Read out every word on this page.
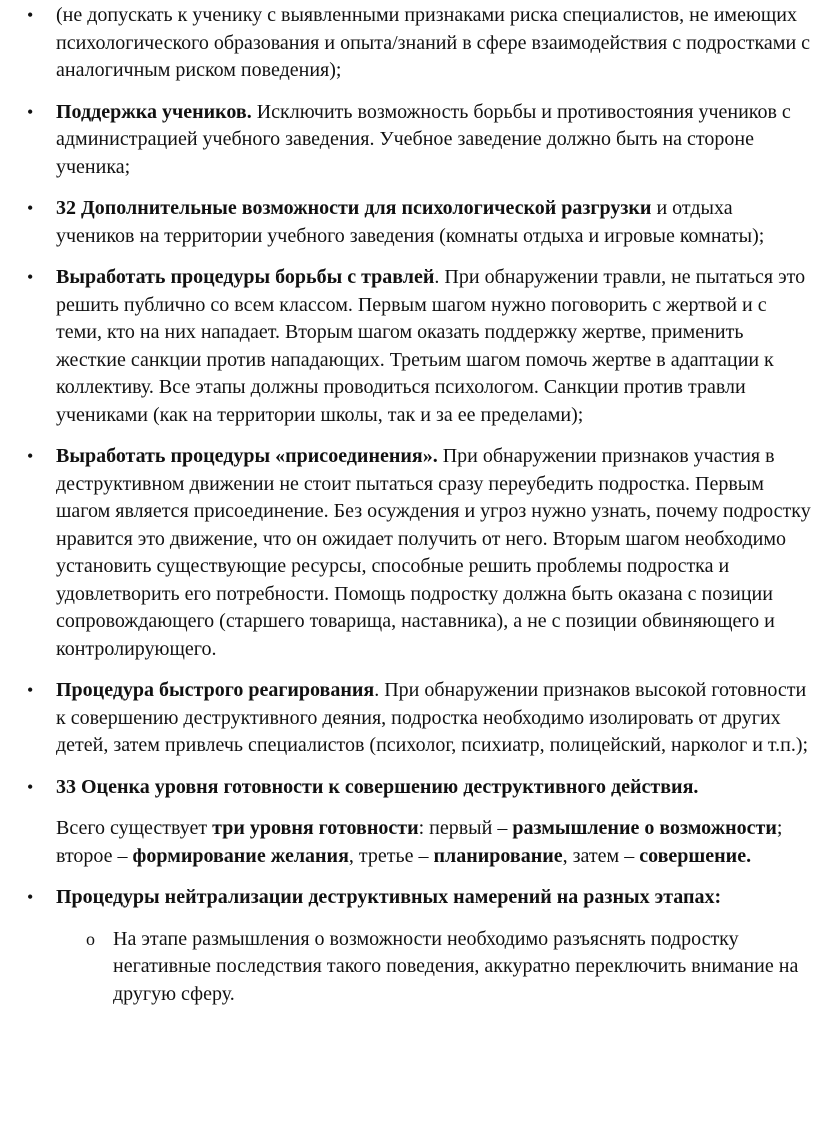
• (не допускать к ученику с выявленными признаками риска специалистов, не имеющих психологического образования и опыта/знаний в сфере взаимодействия с подростками с аналогичным риском поведения);
• Поддержка учеников. Исключить возможность борьбы и противостояния учеников с администрацией учебного заведения. Учебное заведение должно быть на стороне ученика;
• 32 Дополнительные возможности для психологической разгрузки и отдыха учеников на территории учебного заведения (комнаты отдыха и игровые комнаты);
• Выработать процедуры борьбы с травлей. При обнаружении травли, не пытаться это решить публично со всем классом. Первым шагом нужно поговорить с жертвой и с теми, кто на них нападает. Вторым шагом оказать поддержку жертве, применить жесткие санкции против нападающих. Третьим шагом помочь жертве в адаптации к коллективу. Все этапы должны проводиться психологом. Санкции против травли учениками (как на территории школы, так и за ее пределами);
• Выработать процедуры «присоединения». При обнаружении признаков участия в деструктивном движении не стоит пытаться сразу переубедить подростка. Первым шагом является присоединение. Без осуждения и угроз нужно узнать, почему подростку нравится это движение, что он ожидает получить от него. Вторым шагом необходимо установить существующие ресурсы, способные решить проблемы подростка и удовлетворить его потребности. Помощь подростку должна быть оказана с позиции сопровождающего (старшего товарища, наставника), а не с позиции обвиняющего и контролирующего.
• Процедура быстрого реагирования. При обнаружении признаков высокой готовности к совершению деструктивного деяния, подростка необходимо изолировать от других детей, затем привлечь специалистов (психолог, психиатр, полицейский, нарколог и т.п.);
• 33 Оценка уровня готовности к совершению деструктивного действия.
Всего существует три уровня готовности: первый – размышление о возможности; второе – формирование желания, третье – планирование, затем – совершение.
• Процедуры нейтрализации деструктивных намерений на разных этапах:
o На этапе размышления о возможности необходимо разъяснять подростку негативные последствия такого поведения, аккуратно переключить внимание на другую сферу.
